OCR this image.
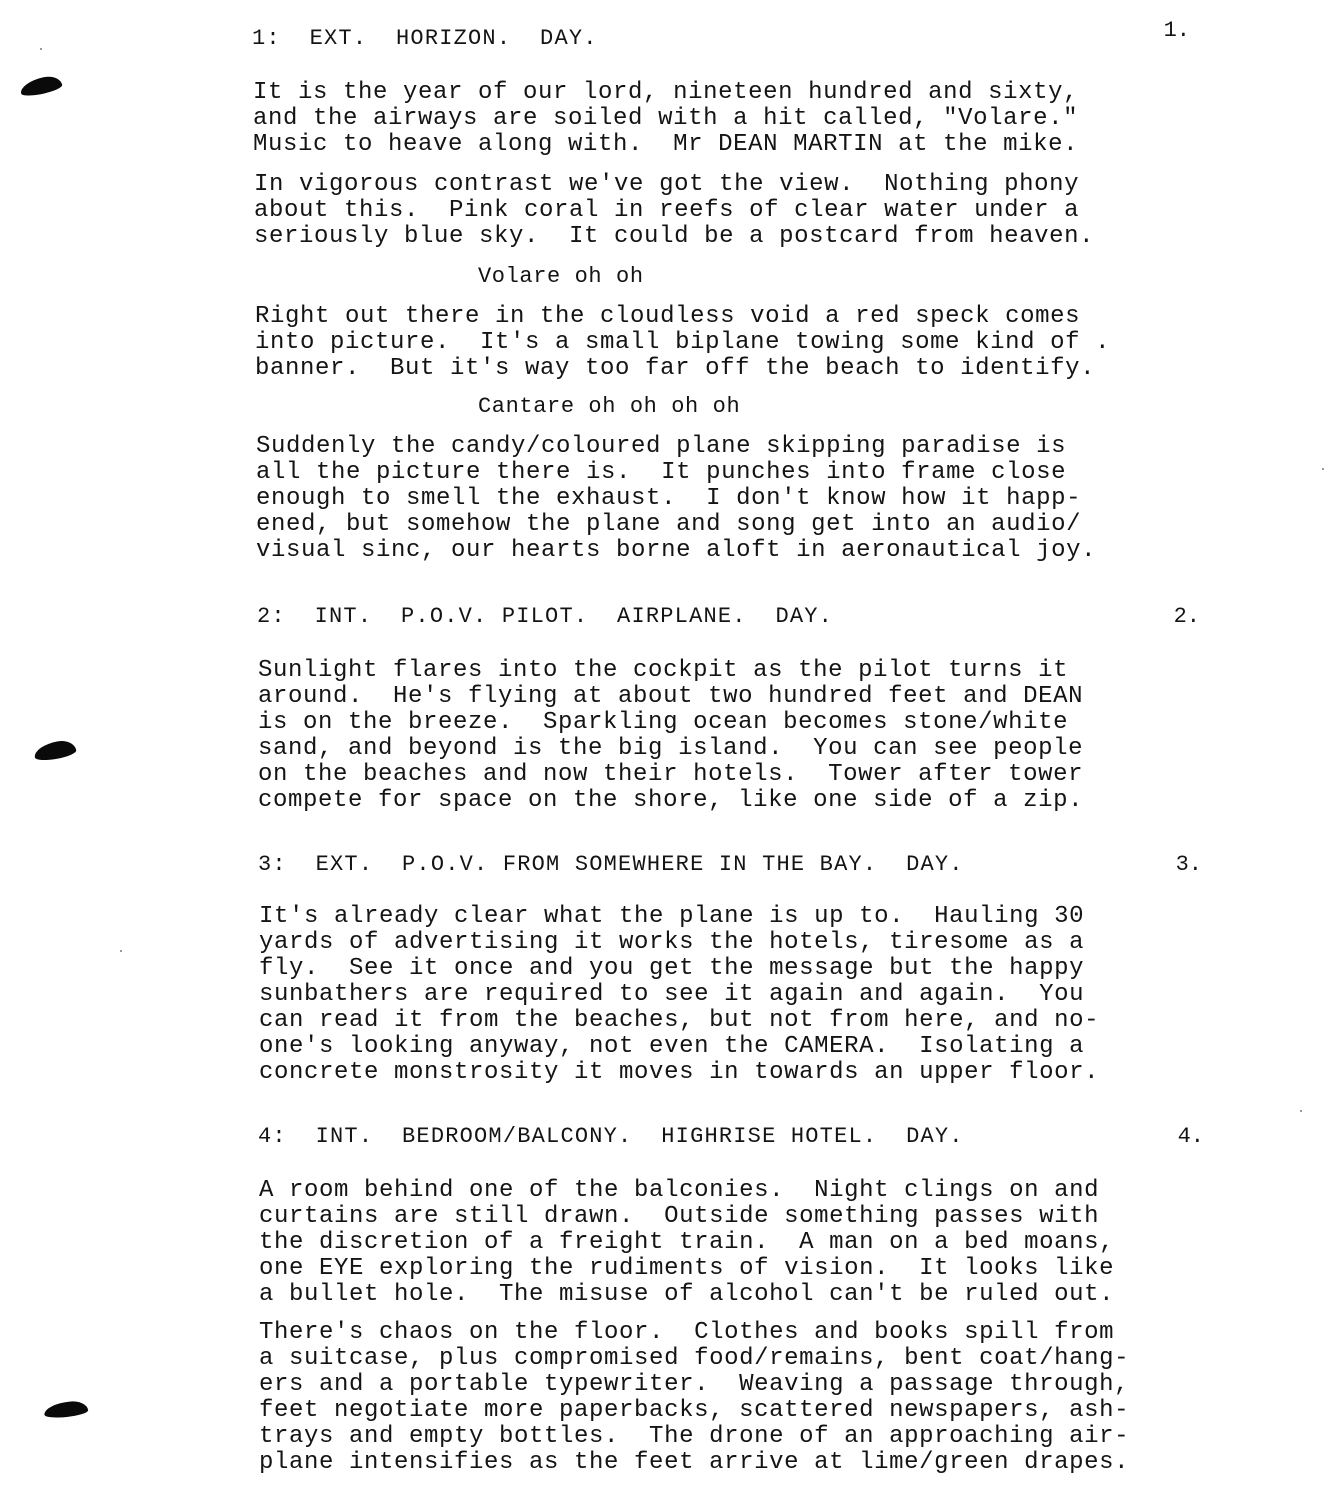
1:  EXT.  HORIZON.  DAY.	1.
It is the year of our lord, nineteen hundred and sixty,
and the airways are soiled with a hit called, "Volare."
Music to heave along with.  Mr DEAN MARTIN at the mike.
In vigorous contrast we've got the view.  Nothing phony
about this.  Pink coral in reefs of clear water under a
seriously blue sky.  It could be a postcard from heaven.
Volare oh oh
Right out there in the cloudless void a red speck comes
into picture.  It's a small biplane towing some kind of .
banner.  But it's way too far off the beach to identify.
Cantare oh oh oh oh
Suddenly the candy/coloured plane skipping paradise is
all the picture there is.  It punches into frame close
enough to smell the exhaust.  I don't know how it happ-
ened, but somehow the plane and song get into an audio/
visual sinc, our hearts borne aloft in aeronautical joy.
2:  INT.  P.O.V. PILOT.  AIRPLANE.  DAY.	2.
Sunlight flares into the cockpit as the pilot turns it
around.  He's flying at about two hundred feet and DEAN
is on the breeze.  Sparkling ocean becomes stone/white
sand, and beyond is the big island.  You can see people
on the beaches and now their hotels.  Tower after tower
compete for space on the shore, like one side of a zip.
3:  EXT.  P.O.V. FROM SOMEWHERE IN THE BAY.  DAY.	3.
It's already clear what the plane is up to.  Hauling 30
yards of advertising it works the hotels, tiresome as a
fly.  See it once and you get the message but the happy
sunbathers are required to see it again and again.  You
can read it from the beaches, but not from here, and no-
one's looking anyway, not even the CAMERA.  Isolating a
concrete monstrosity it moves in towards an upper floor.
4:  INT.  BEDROOM/BALCONY.  HIGHRISE HOTEL.  DAY.	4.
A room behind one of the balconies.  Night clings on and
curtains are still drawn.  Outside something passes with
the discretion of a freight train.  A man on a bed moans,
one EYE exploring the rudiments of vision.  It looks like
a bullet hole.  The misuse of alcohol can't be ruled out.
There's chaos on the floor.  Clothes and books spill from
a suitcase, plus compromised food/remains, bent coat/hang-
ers and a portable typewriter.  Weaving a passage through,
feet negotiate more paperbacks, scattered newspapers, ash-
trays and empty bottles.  The drone of an approaching air-
plane intensifies as the feet arrive at lime/green drapes.
